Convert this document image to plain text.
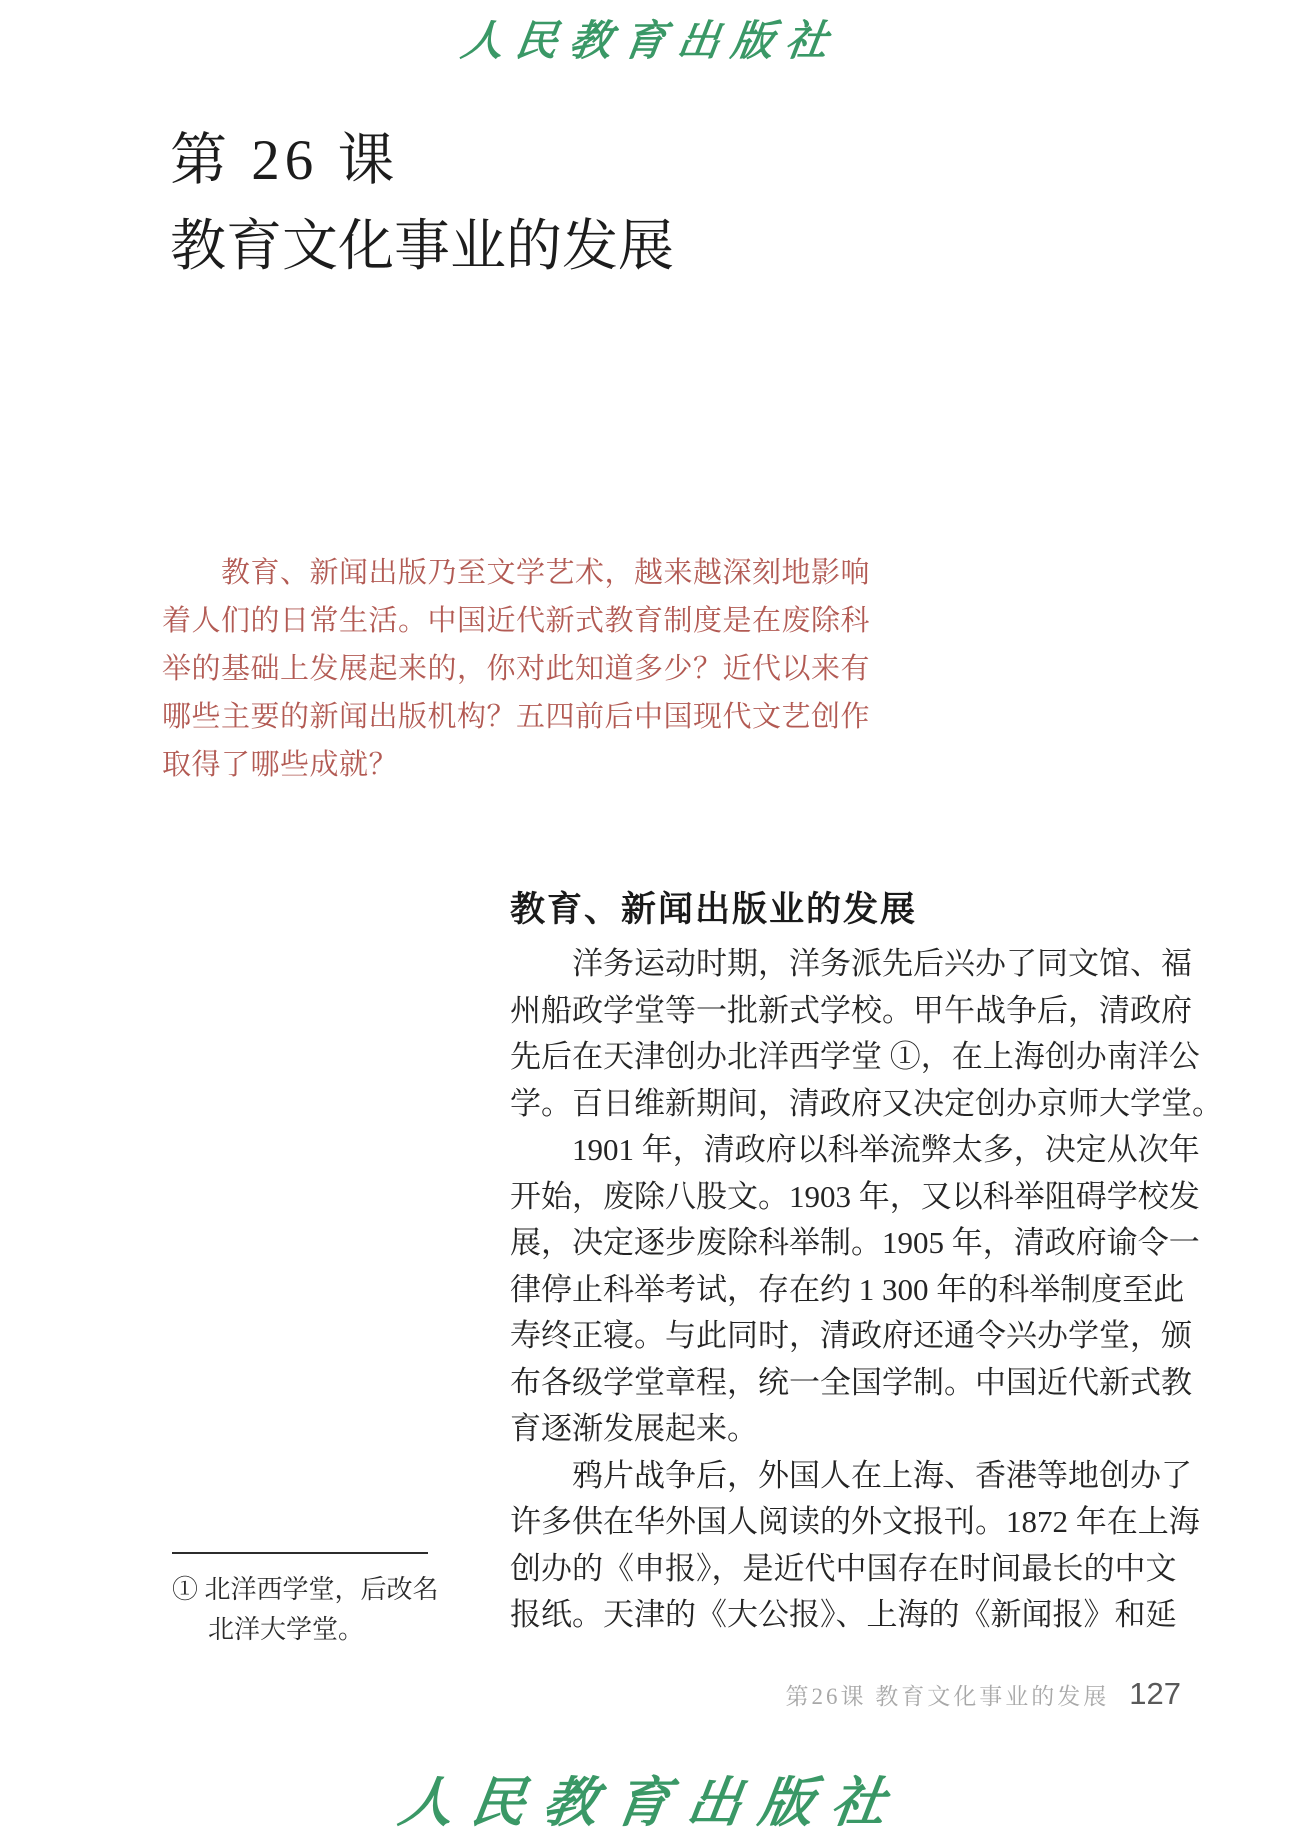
人民教育出版社
第 26 课
教育文化事业的发展
　　教育、新闻出版乃至文学艺术，越来越深刻地影响
着人们的日常生活。中国近代新式教育制度是在废除科
举的基础上发展起来的，你对此知道多少？近代以来有
哪些主要的新闻出版机构？五四前后中国现代文艺创作
取得了哪些成就？
教育、新闻出版业的发展
　　洋务运动时期，洋务派先后兴办了同文馆、福
州船政学堂等一批新式学校。甲午战争后，清政府
先后在天津创办北洋西学堂 ①，在上海创办南洋公
学。百日维新期间，清政府又决定创办京师大学堂。
　　1901 年，清政府以科举流弊太多，决定从次年
开始，废除八股文。1903 年，又以科举阻碍学校发
展，决定逐步废除科举制。1905 年，清政府谕令一
律停止科举考试，存在约 1 300 年的科举制度至此
寿终正寝。与此同时，清政府还通令兴办学堂，颁
布各级学堂章程，统一全国学制。中国近代新式教
育逐渐发展起来。
　　鸦片战争后，外国人在上海、香港等地创办了
许多供在华外国人阅读的外文报刊。1872 年在上海
创办的《申报》，是近代中国存在时间最长的中文
报纸。天津的《大公报》、上海的《新闻报》和延
① 北洋西学堂，后改名
北洋大学堂。
第26课 教育文化事业的发展 127
人民教育出版社
